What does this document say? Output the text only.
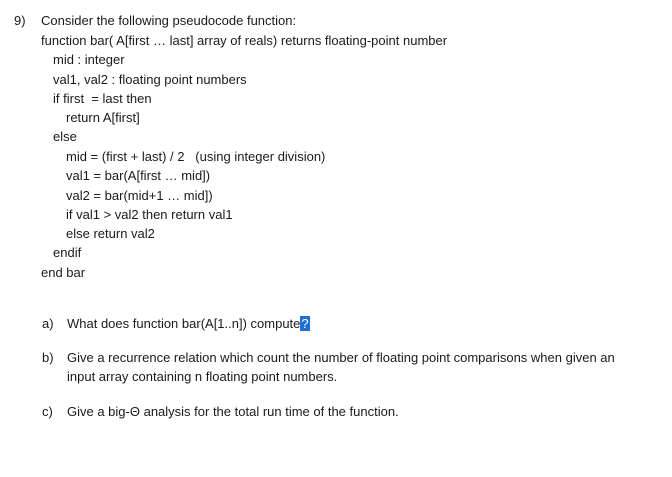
9) Consider the following pseudocode function:
function bar( A[first … last] array of reals) returns floating-point number
mid : integer
val1, val2 : floating point numbers
if first  = last then
return A[first]
else
mid = (first + last) / 2   (using integer division)
val1 = bar(A[first … mid])
val2 = bar(mid+1 … mid])
if val1 > val2 then return val1
else return val2
endif
end bar
a) What does function bar(A[1..n]) compute?
b) Give a recurrence relation which count the number of floating point comparisons when given an
input array containing n floating point numbers.
c) Give a big-Θ analysis for the total run time of the function.
